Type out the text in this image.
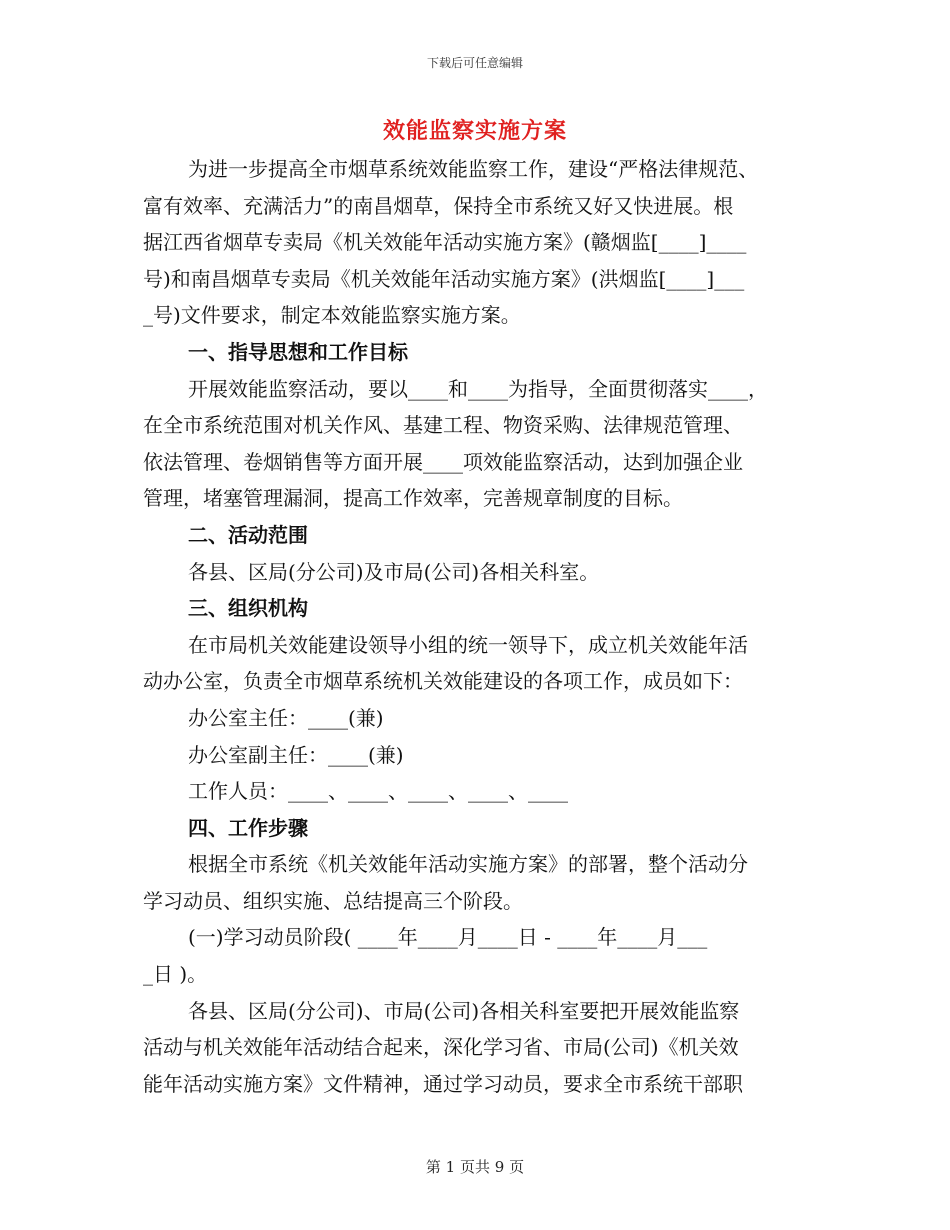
下载后可任意编辑
效能监察实施方案
为进一步提高全市烟草系统效能监察工作，建设“严格法律规范、
富有效率、充满活力”的南昌烟草，保持全市系统又好又快进展。根
据江西省烟草专卖局《机关效能年活动实施方案》(赣烟监[____]____
号)和南昌烟草专卖局《机关效能年活动实施方案》(洪烟监[____]___
_号)文件要求，制定本效能监察实施方案。
一、指导思想和工作目标
开展效能监察活动，要以____和____为指导，全面贯彻落实____，
在全市系统范围对机关作风、基建工程、物资采购、法律规范管理、
依法管理、卷烟销售等方面开展____项效能监察活动，达到加强企业
管理，堵塞管理漏洞，提高工作效率，完善规章制度的目标。
二、活动范围
各县、区局(分公司)及市局(公司)各相关科室。
三、组织机构
在市局机关效能建设领导小组的统一领导下，成立机关效能年活
动办公室，负责全市烟草系统机关效能建设的各项工作，成员如下：
办公室主任：____(兼)
办公室副主任：____(兼)
工作人员：____、____、____、____、____
四、工作步骤
根据全市系统《机关效能年活动实施方案》的部署，整个活动分
学习动员、组织实施、总结提高三个阶段。
(一)学习动员阶段( ____年____月____日 - ____年____月___
_日 )。
各县、区局(分公司)、市局(公司)各相关科室要把开展效能监察
活动与机关效能年活动结合起来，深化学习省、市局(公司)《机关效
能年活动实施方案》文件精神，通过学习动员，要求全市系统干部职
第 1 页共 9 页
